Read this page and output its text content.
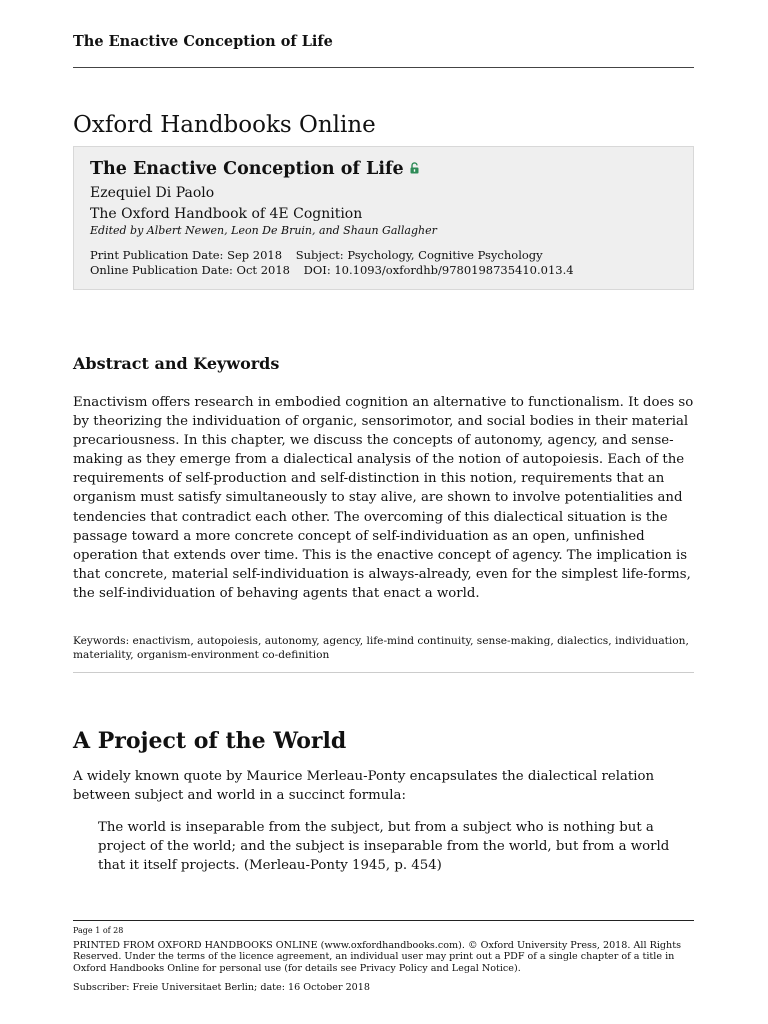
The Enactive Conception of Life
Oxford Handbooks Online
The Enactive Conception of Life
Ezequiel Di Paolo
The Oxford Handbook of 4E Cognition
Edited by Albert Newen, Leon De Bruin, and Shaun Gallagher
Print Publication Date: Sep 2018 Subject: Psychology, Cognitive Psychology
Online Publication Date: Oct 2018 DOI: 10.1093/oxfordhb/9780198735410.013.4
Abstract and Keywords

Enactivism offers research in embodied cognition an alternative to functionalism. It does so by theorizing the individuation of organic, sensorimotor, and social bodies in their material precariousness. In this chapter, we discuss the concepts of autonomy, agency, and sense-making as they emerge from a dialectical analysis of the notion of autopoiesis. Each of the requirements of self-production and self-distinction in this notion, requirements that an organism must satisfy simultaneously to stay alive, are shown to involve potentialities and tendencies that contradict each other. The overcoming of this dialectical situation is the passage toward a more concrete concept of self-individuation as an open, unfinished operation that extends over time. This is the enactive concept of agency. The implication is that concrete, material self-individuation is always-already, even for the simplest life-forms, the self-individuation of behaving agents that enact a world.

Keywords: enactivism, autopoiesis, autonomy, agency, life-mind continuity, sense-making, dialectics, individuation, materiality, organism-environment co-definition

A Project of the World

A widely known quote by Maurice Merleau-Ponty encapsulates the dialectical relation between subject and world in a succinct formula:

The world is inseparable from the subject, but from a subject who is nothing but a project of the world; and the subject is inseparable from the world, but from a world that it itself projects. (Merleau-Ponty 1945, p. 454)

Page 1 of 28

PRINTED FROM OXFORD HANDBOOKS ONLINE (www.oxfordhandbooks.com). © Oxford University Press, 2018. All Rights Reserved. Under the terms of the licence agreement, an individual user may print out a PDF of a single chapter of a title in Oxford Handbooks Online for personal use (for details see Privacy Policy and Legal Notice).

Subscriber: Freie Universitaet Berlin; date: 16 October 2018
